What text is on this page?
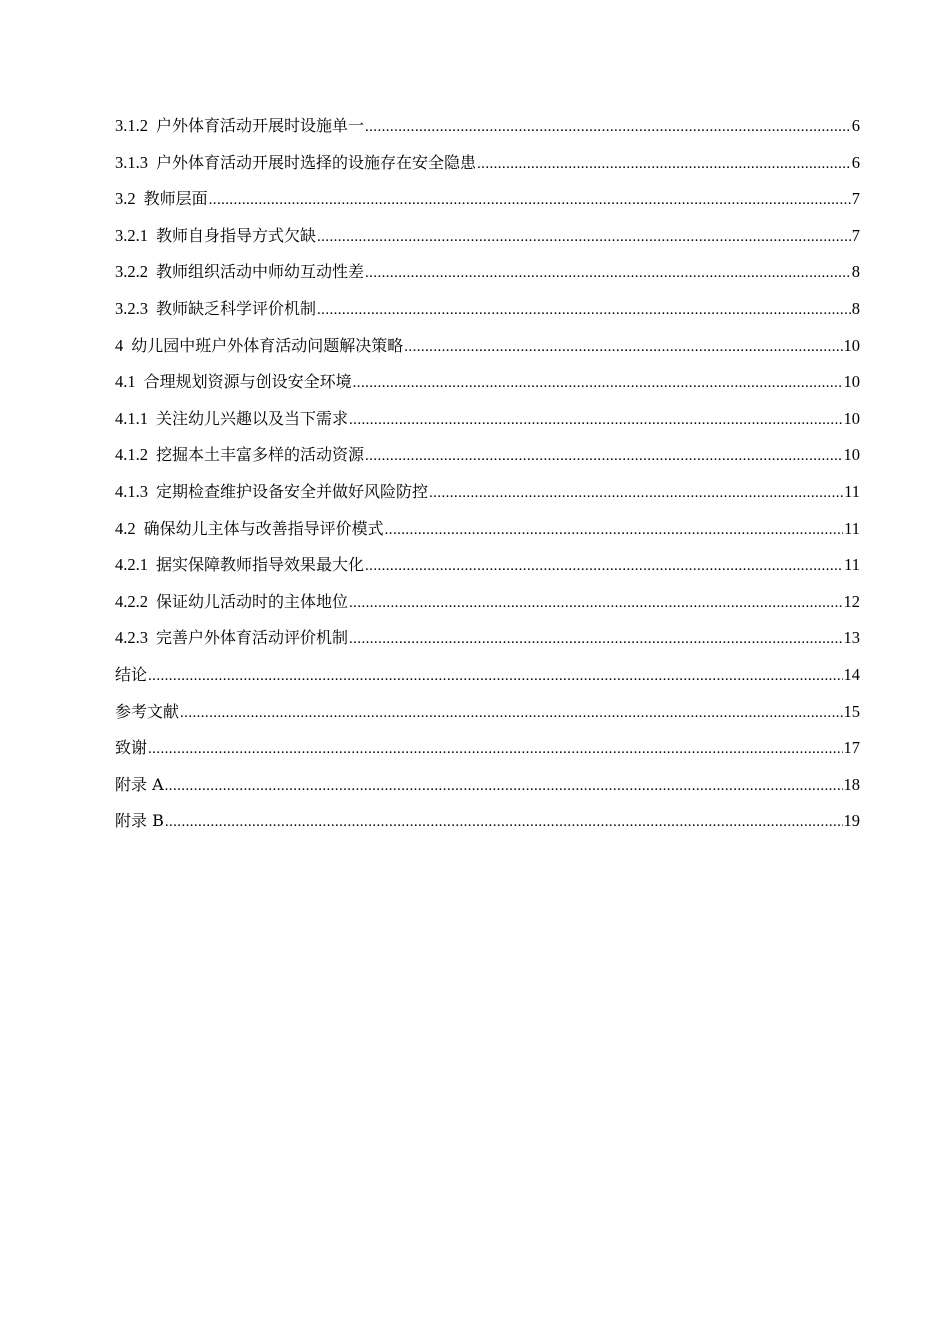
3.1.2 户外体育活动开展时设施单一 .....	6
3.1.3 户外体育活动开展时选择的设施存在安全隐患 .....	6
3.2 教师层面 .....	7
3.2.1 教师自身指导方式欠缺 .....	7
3.2.2 教师组织活动中师幼互动性差 .....	8
3.2.3 教师缺乏科学评价机制 .....	8
4 幼儿园中班户外体育活动问题解决策略 .....	10
4.1 合理规划资源与创设安全环境 .....	10
4.1.1 关注幼儿兴趣以及当下需求 .....	10
4.1.2 挖掘本土丰富多样的活动资源 .....	10
4.1.3 定期检查维护设备安全并做好风险防控 .....	11
4.2 确保幼儿主体与改善指导评价模式 .....	11
4.2.1 据实保障教师指导效果最大化 .....	11
4.2.2 保证幼儿活动时的主体地位 .....	12
4.2.3 完善户外体育活动评价机制 .....	13
结论 .....	14
参考文献 .....	15
致谢 .....	17
附录 A .....	18
附录 B .....	19
